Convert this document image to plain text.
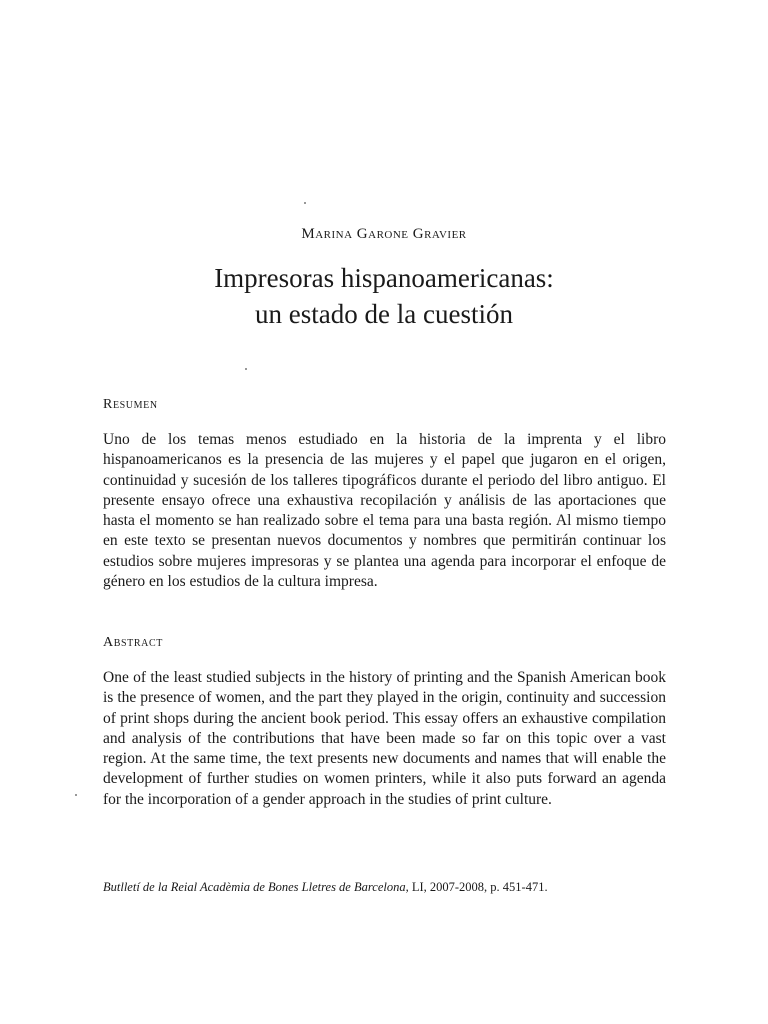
Marina Garone Gravier
Impresoras hispanoamericanas:
un estado de la cuestión
Resumen
Uno de los temas menos estudiado en la historia de la imprenta y el libro hispanoamericanos es la presencia de las mujeres y el papel que jugaron en el origen, continuidad y sucesión de los talleres tipográficos durante el periodo del libro antiguo. El presente ensayo ofrece una exhaustiva recopilación y análisis de las aportaciones que hasta el momento se han realizado sobre el tema para una basta región. Al mismo tiempo en este texto se presentan nuevos documentos y nombres que permitirán continuar los estudios sobre mujeres impresoras y se plantea una agenda para incorporar el enfoque de género en los estudios de la cultura impresa.
Abstract
One of the least studied subjects in the history of printing and the Spanish American book is the presence of women, and the part they played in the origin, continuity and succession of print shops during the ancient book period. This essay offers an exhaustive compilation and analysis of the contributions that have been made so far on this topic over a vast region. At the same time, the text presents new documents and names that will enable the development of further studies on women printers, while it also puts forward an agenda for the incorporation of a gender approach in the studies of print culture.
Butlletí de la Reial Acadèmia de Bones Lletres de Barcelona, LI, 2007-2008, p. 451-471.
